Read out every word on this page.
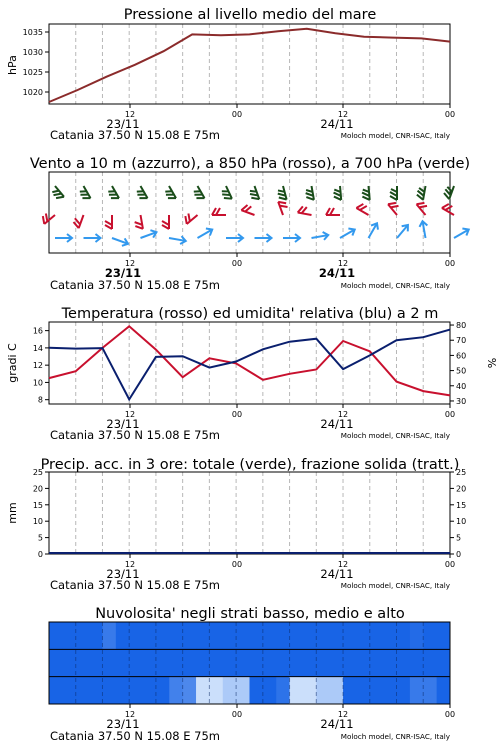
Pressione al livello medio del mare
hPa
1020
1025
1030
1035
12	00	12	00
23/11	24/11
Catania 37.50 N 15.08 E 75m	Moloch model, CNR-ISAC, Italy
Vento a 10 m (azzurro), a 850 hPa (rosso), a 700 hPa (verde)
12	00	12	00
23/11	24/11
Catania 37.50 N 15.08 E 75m	Moloch model, CNR-ISAC, Italy
Temperatura (rosso) ed umidita' relativa (blu) a 2 m
gradi C	%
8
10
12
14
16
30
40
50
60
70
80
12	00	12	00
23/11	24/11
Catania 37.50 N 15.08 E 75m	Moloch model, CNR-ISAC, Italy
Precip. acc. in 3 ore: totale (verde), frazione solida (tratt.)
mm
0
5
10
15
20
25
0
5
10
15
20
25
12	00	12	00
23/11	24/11
Catania 37.50 N 15.08 E 75m	Moloch model, CNR-ISAC, Italy
Nuvolosita' negli strati basso, medio e alto
12	00	12	00
23/11	24/11
Catania 37.50 N 15.08 E 75m	Moloch model, CNR-ISAC, Italy
